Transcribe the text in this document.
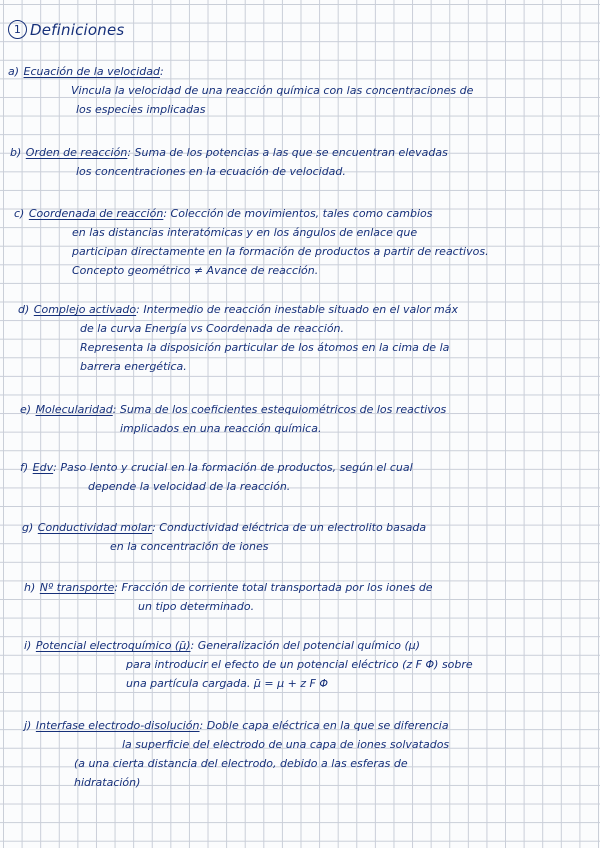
1 Definiciones
a) Ecuación de la velocidad:
Vincula la velocidad de una reacción química con las concentraciones de
los especies implicadas
b) Orden de reacción: Suma de los potencias a las que se encuentran elevadas
los concentraciones en la ecuación de velocidad.
c) Coordenada de reacción: Colección de movimientos, tales como cambios
en las distancias interatómicas y en los ángulos de enlace que
participan directamente en la formación de productos a partir de reactivos.
Concepto geométrico ≠ Avance de reacción.
d) Complejo activado: Intermedio de reacción inestable situado en el valor máx
de la curva Energía vs Coordenada de reacción.
Representa la disposición particular de los átomos en la cima de la
barrera energética.
e) Molecularidad: Suma de los coeficientes estequiométricos de los reactivos
implicados en una reacción química.
f) Edv: Paso lento y crucial en la formación de productos, según el cual
depende la velocidad de la reacción.
g) Conductividad molar: Conductividad eléctrica de un electrolito basada
en la concentración de iones
h) Nº transporte: Fracción de corriente total transportada por los iones de
un tipo determinado.
i) Potencial electroquímico (μ̄): Generalización del potencial químico (μ)
para introducir el efecto de un potencial eléctrico (z F Φ) sobre
una partícula cargada. μ̄ = μ + z F Φ
j) Interfase electrodo-disolución: Doble capa eléctrica en la que se diferencia
la superficie del electrodo de una capa de iones solvatados
(a una cierta distancia del electrodo, debido a las esferas de
hidratación)
